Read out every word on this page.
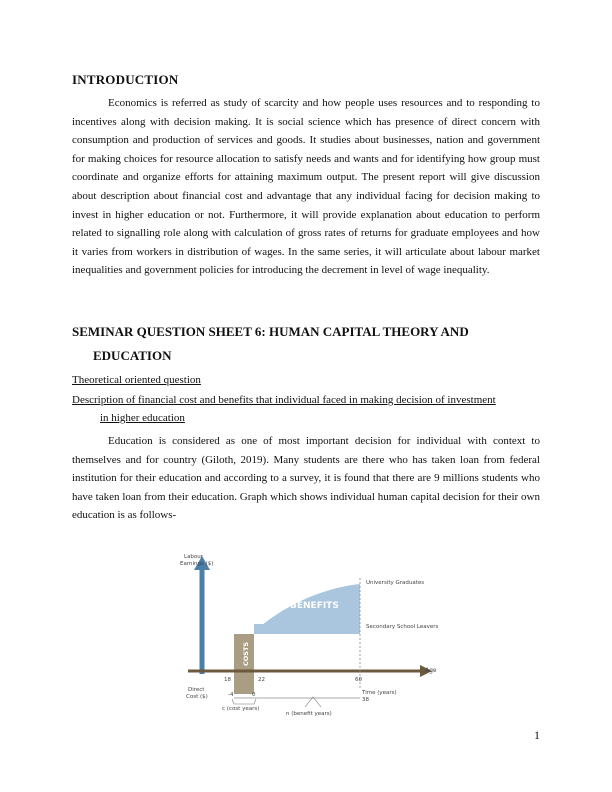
INTRODUCTION

Economics is referred as study of scarcity and how people uses resources and to responding to incentives along with decision making. It is social science which has presence of direct concern with consumption and production of services and goods. It studies about businesses, nation and government for making choices for resource allocation to satisfy needs and wants and for identifying how group must coordinate and organize efforts for attaining maximum output. The present report will give discussion about description about financial cost and advantage that any individual facing for decision making to invest in higher education or not. Furthermore, it will provide explanation about education to perform related to signalling role along with calculation of gross rates of returns for graduate employees and how it varies from workers in distribution of wages. In the same series, it will articulate about labour market inequalities and government policies for introducing the decrement in level of wage inequality.

SEMINAR QUESTION SHEET 6: HUMAN CAPITAL THEORY AND
EDUCATION
Theoretical oriented question
Description of financial cost and benefits that individual faced in making decision of investment
in higher education

Education is considered as one of most important decision for individual with context to themselves and for country (Giloth, 2019). Many students are there who has taken loan from federal institution for their education and according to a survey, it is found that there are 9 millions students who have taken loan from their education. Graph which shows individual human capital decision for their own education is as follows-

Labour
Earnings ($)
BENEFITS
COSTS
University Graduates
Secondary School Leavers
Age
18	22	60
-4	0	Time (years)
38
Direct
Cost ($)
c (cost years)
n (benefit years)
1
